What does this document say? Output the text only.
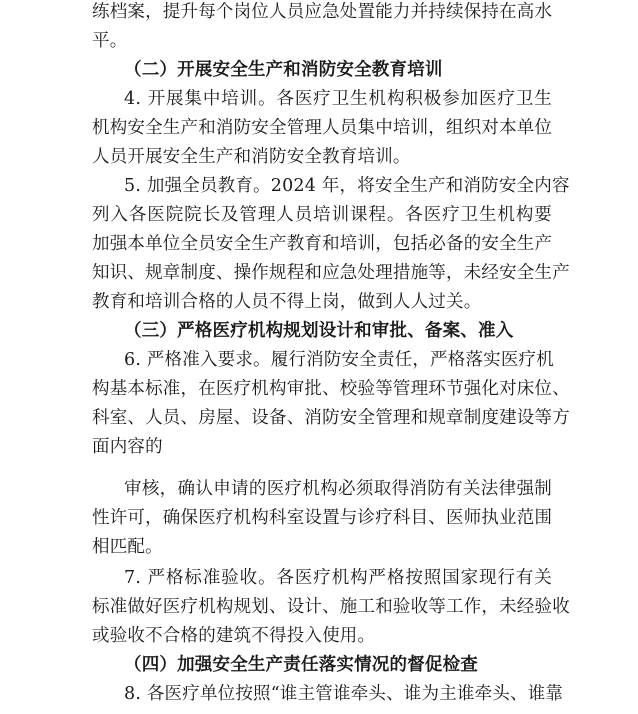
练档案，提升每个岗位人员应急处置能力并持续保持在高水
平。
（二）开展安全生产和消防安全教育培训
4. 开展集中培训。各医疗卫生机构积极参加医疗卫生
机构安全生产和消防安全管理人员集中培训，组织对本单位
人员开展安全生产和消防安全教育培训。
5. 加强全员教育。2024 年，将安全生产和消防安全内容
列入各医院院长及管理人员培训课程。各医疗卫生机构要
加强本单位全员安全生产教育和培训，包括必备的安全生产
知识、规章制度、操作规程和应急处理措施等，未经安全生产
教育和培训合格的人员不得上岗，做到人人过关。
（三）严格医疗机构规划设计和审批、备案、准入
6. 严格准入要求。履行消防安全责任，严格落实医疗机
构基本标准，在医疗机构审批、校验等管理环节强化对床位、
科室、人员、房屋、设备、消防安全管理和规章制度建设等方
面内容的
审核，确认申请的医疗机构必须取得消防有关法律强制
性许可，确保医疗机构科室设置与诊疗科目、医师执业范围
相匹配。
7. 严格标准验收。各医疗机构严格按照国家现行有关
标准做好医疗机构规划、设计、施工和验收等工作，未经验收
或验收不合格的建筑不得投入使用。
（四）加强安全生产责任落实情况的督促检查
8. 各医疗单位按照“谁主管谁牵头、谁为主谁牵头、谁靠
